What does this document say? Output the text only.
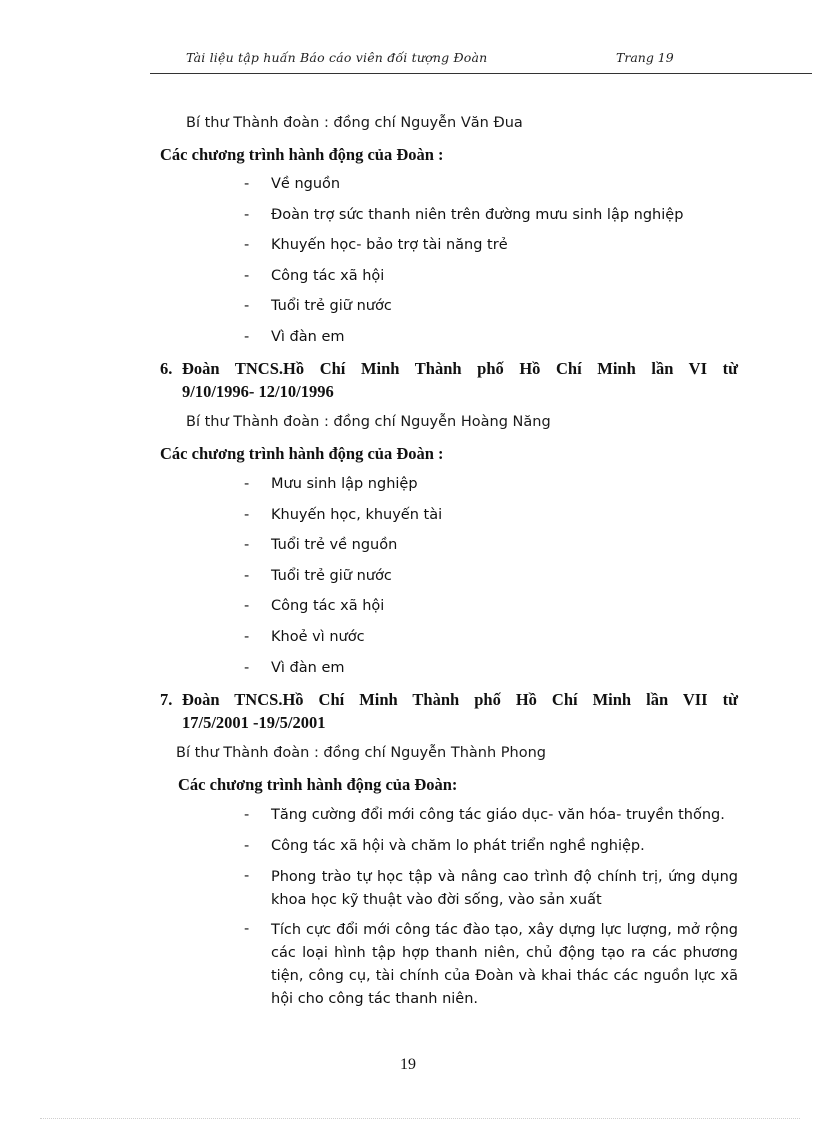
Tài liệu tập huấn Báo cáo viên đối tượng Đoàn	Trang 19
Bí thư Thành đoàn : đồng chí Nguyễn Văn Đua
Các chương trình hành động của Đoàn :
- Về nguồn
- Đoàn trợ sức thanh niên trên đường mưu sinh lập nghiệp
- Khuyến học- bảo trợ tài năng trẻ
- Công tác xã hội
- Tuổi trẻ giữ nước
- Vì đàn em
6. Đoàn TNCS.Hồ Chí Minh Thành phố Hồ Chí Minh lần VI từ
9/10/1996- 12/10/1996
Bí thư Thành đoàn : đồng chí Nguyễn Hoàng Năng
Các chương trình hành động của Đoàn :
- Mưu sinh lập nghiệp
- Khuyến học, khuyến tài
- Tuổi trẻ về nguồn
- Tuổi trẻ giữ nước
- Công tác xã hội
- Khoẻ vì nước
- Vì đàn em
7. Đoàn TNCS.Hồ Chí Minh Thành phố Hồ Chí Minh lần VII từ
17/5/2001 -19/5/2001
Bí thư Thành đoàn : đồng chí Nguyễn Thành Phong
Các chương trình hành động của Đoàn:
- Tăng cường đổi mới công tác giáo dục- văn hóa- truyền thống.
- Công tác xã hội và chăm lo phát triển nghề nghiệp.
- Phong trào tự học tập và nâng cao trình độ chính trị, ứng dụng khoa học kỹ thuật vào đời sống, vào sản xuất
- Tích cực đổi mới công tác đào tạo, xây dựng lực lượng, mở rộng các loại hình tập hợp thanh niên, chủ động tạo ra các phương tiện, công cụ, tài chính của Đoàn và khai thác các nguồn lực xã hội cho công tác thanh niên.
19
